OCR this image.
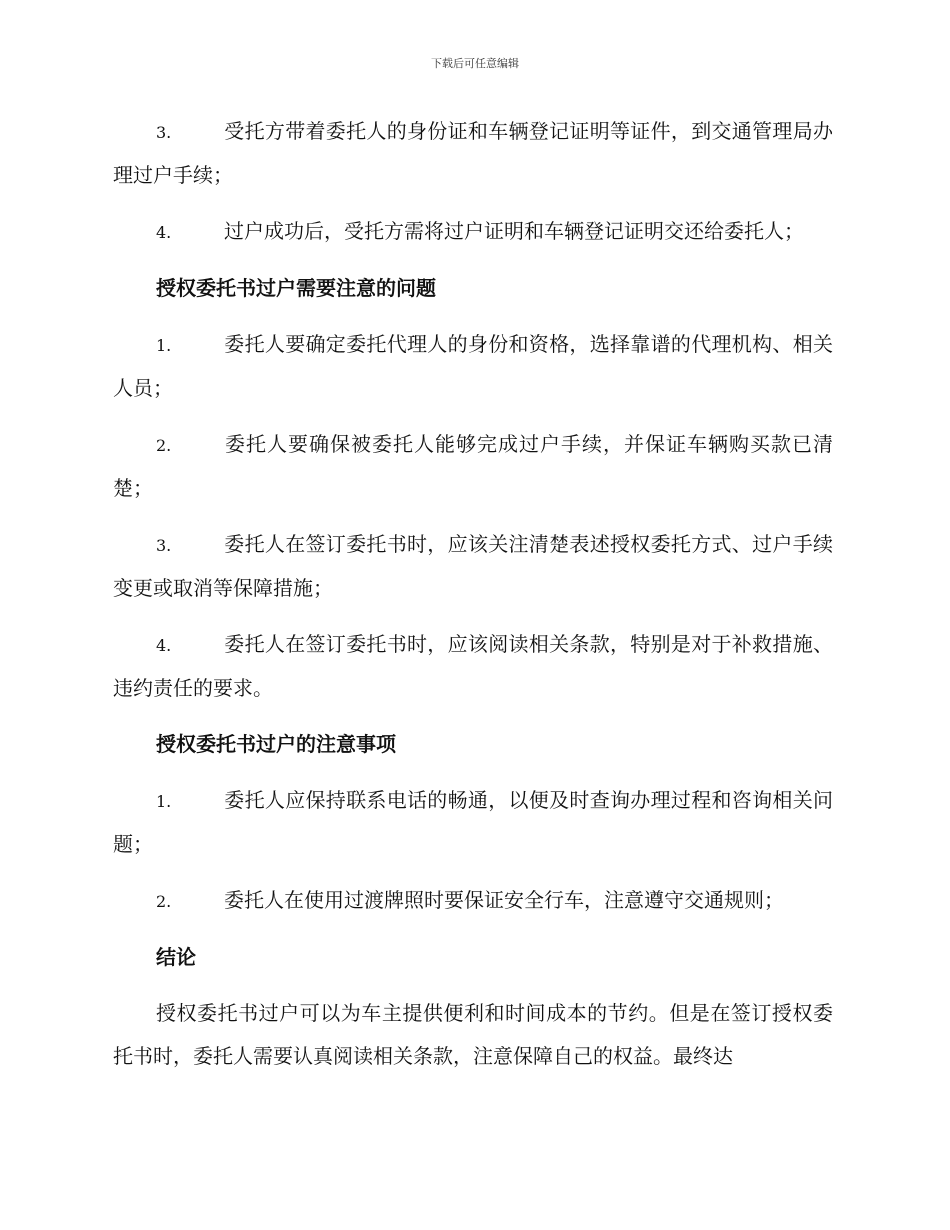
下载后可任意编辑
3.	受托方带着委托人的身份证和车辆登记证明等证件，到交通管理局办理过户手续；
4.	过户成功后，受托方需将过户证明和车辆登记证明交还给委托人；
授权委托书过户需要注意的问题
1.	委托人要确定委托代理人的身份和资格，选择靠谱的代理机构、相关人员；
2.	委托人要确保被委托人能够完成过户手续，并保证车辆购买款已清楚；
3.	委托人在签订委托书时，应该关注清楚表述授权委托方式、过户手续变更或取消等保障措施；
4.	委托人在签订委托书时，应该阅读相关条款，特别是对于补救措施、违约责任的要求。
授权委托书过户的注意事项
1.	委托人应保持联系电话的畅通，以便及时查询办理过程和咨询相关问题；
2.	委托人在使用过渡牌照时要保证安全行车，注意遵守交通规则；
结论
授权委托书过户可以为车主提供便利和时间成本的节约。但是在签订授权委托书时，委托人需要认真阅读相关条款，注意保障自己的权益。最终达
